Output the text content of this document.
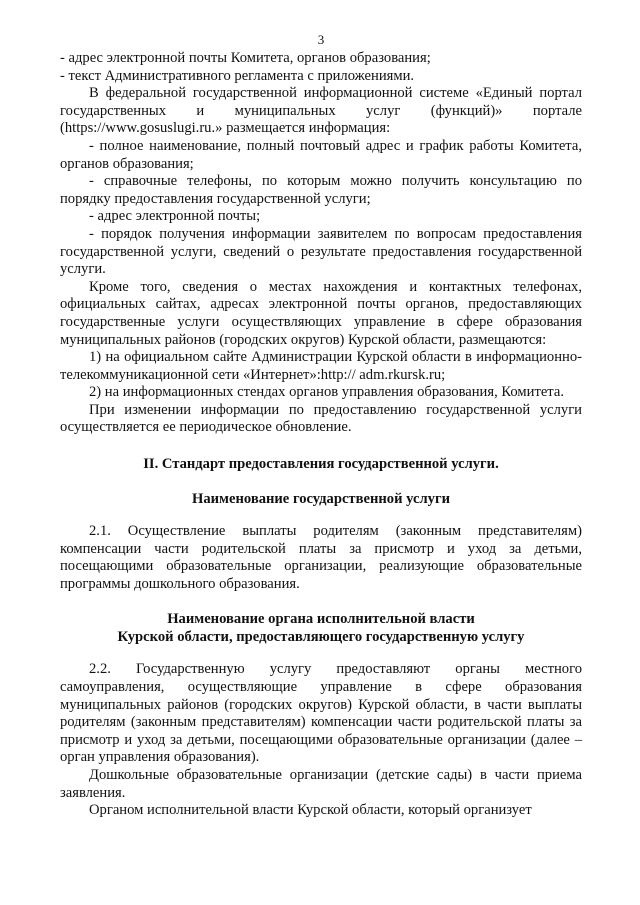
3

- адрес электронной почты Комитета, органов образования;

- текст Административного регламента с приложениями.

В федеральной государственной информационной системе «Единый портал государственных и муниципальных услуг (функций)» портале (https://www.gosuslugi.ru.» размещается информация:

- полное наименование, полный почтовый адрес и график работы Комитета, органов образования;

- справочные телефоны, по которым можно получить консультацию по порядку предоставления государственной услуги;

- адрес электронной почты;

- порядок получения информации заявителем по вопросам предоставления государственной услуги, сведений о результате предоставления государственной услуги.

Кроме того, сведения о местах нахождения и контактных телефонах, официальных сайтах, адресах электронной почты органов, предоставляющих государственные услуги осуществляющих управление в сфере образования муниципальных районов (городских округов) Курской области, размещаются:

1) на официальном сайте Администрации Курской области в информационно-телекоммуникационной сети «Интернет»:http:// adm.rkursk.ru;

2) на информационных стендах органов управления образования, Комитета.

При изменении информации по предоставлению государственной услуги осуществляется ее периодическое обновление.

II. Стандарт предоставления государственной услуги.
Наименование государственной услуги

2.1. Осуществление выплаты родителям (законным представителям) компенсации части родительской платы за присмотр и уход за детьми, посещающими образовательные организации, реализующие образовательные программы дошкольного образования.

Наименование органа исполнительной власти
Курской области, предоставляющего государственную услугу

2.2. Государственную услугу предоставляют органы местного самоуправления, осуществляющие управление в сфере образования муниципальных районов (городских округов) Курской области, в части выплаты родителям (законным представителям) компенсации части родительской платы за присмотр и уход за детьми, посещающими образовательные организации (далее – орган управления образования).

Дошкольные образовательные организации (детские сады) в части приема заявления.

Органом исполнительной власти Курской области, который организует
